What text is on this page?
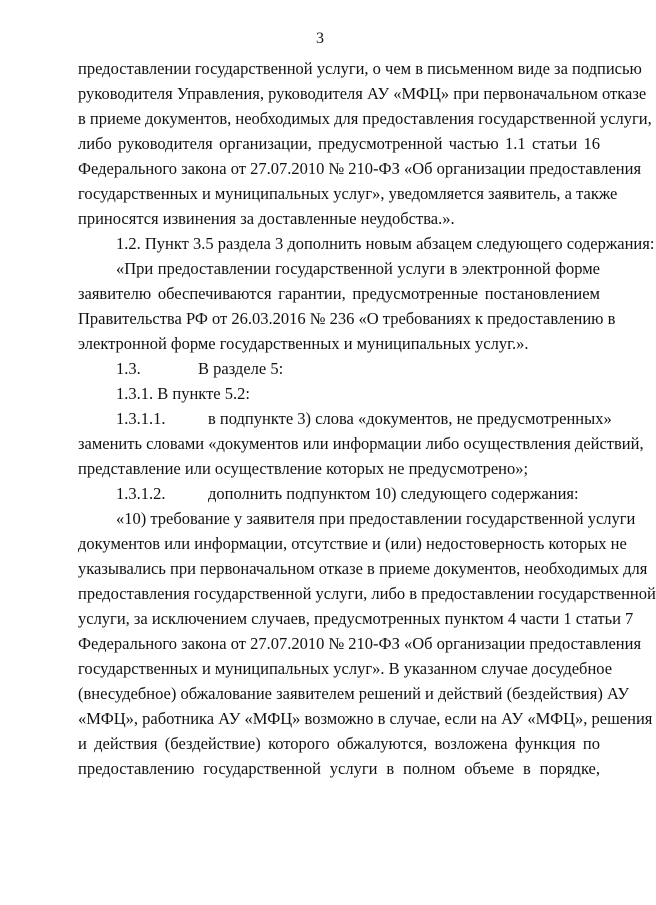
3
предоставлении государственной услуги, о чем в письменном виде за подписью
руководителя Управления, руководителя АУ «МФЦ» при первоначальном отказе
в приеме документов, необходимых для предоставления государственной услуги,
либо руководителя организации, предусмотренной частью 1.1 статьи 16
Федерального закона от 27.07.2010 № 210-ФЗ «Об организации предоставления
государственных и муниципальных услуг», уведомляется заявитель, а также
приносятся извинения за доставленные неудобства.».
1.2. Пункт 3.5 раздела 3 дополнить новым абзацем следующего содержания:
«При предоставлении государственной услуги в электронной форме
заявителю обеспечиваются гарантии, предусмотренные постановлением
Правительства РФ от 26.03.2016 № 236 «О требованиях к предоставлению в
электронной форме государственных и муниципальных услуг.».
1.3.	В разделе 5:
1.3.1. В пункте 5.2:
1.3.1.1.	в подпункте 3) слова «документов, не предусмотренных»
заменить словами «документов или информации либо осуществления действий,
представление или осуществление которых не предусмотрено»;
1.3.1.2.	дополнить подпунктом 10) следующего содержания:
«10) требование у заявителя при предоставлении государственной услуги
документов или информации, отсутствие и (или) недостоверность которых не
указывались при первоначальном отказе в приеме документов, необходимых для
предоставления государственной услуги, либо в предоставлении государственной
услуги, за исключением случаев, предусмотренных пунктом 4 части 1 статьи 7
Федерального закона от 27.07.2010 № 210-ФЗ «Об организации предоставления
государственных и муниципальных услуг». В указанном случае досудебное
(внесудебное) обжалование заявителем решений и действий (бездействия) АУ
«МФЦ», работника АУ «МФЦ» возможно в случае, если на АУ «МФЦ», решения
и действия (бездействие) которого обжалуются, возложена функция по
предоставлению государственной услуги в полном объеме в порядке,
